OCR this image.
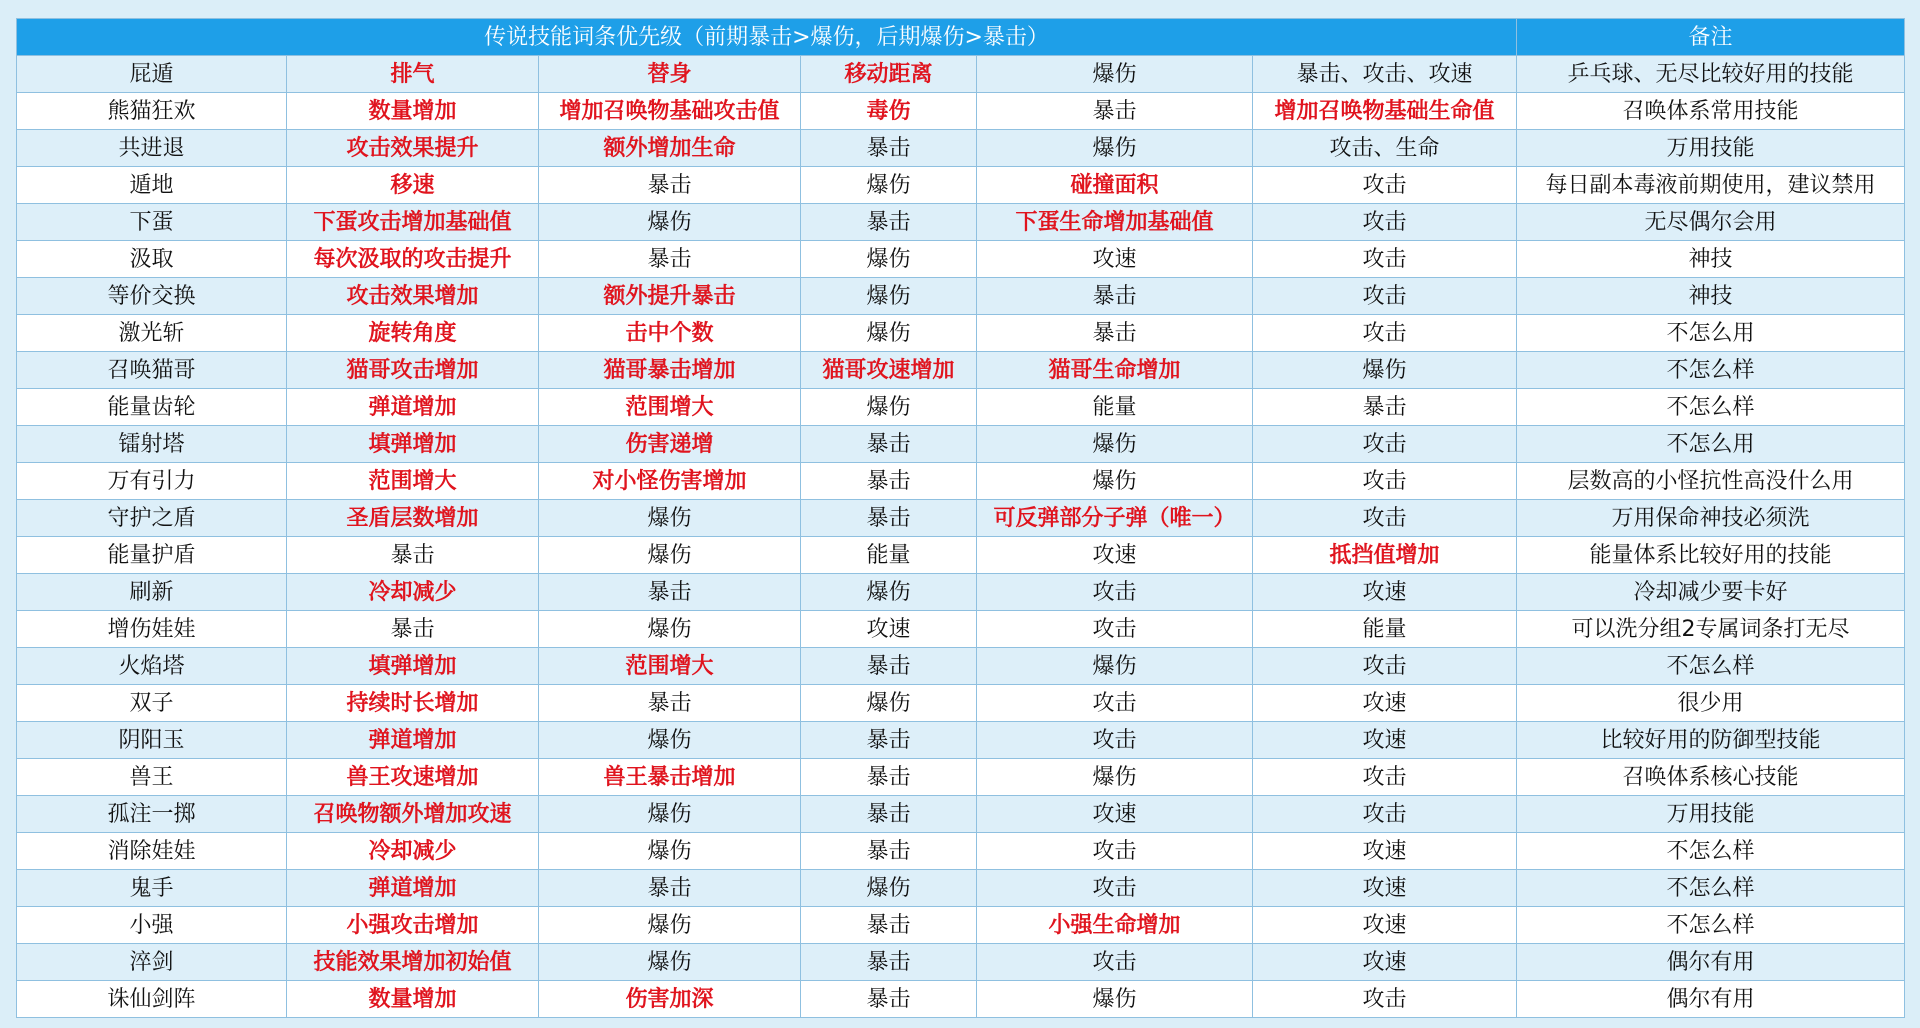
传说技能词条优先级（前期暴击>爆伤，后期爆伤>暴击）						备注
屁遁	排气	替身	移动距离	爆伤	暴击、攻击、攻速	乒乓球、无尽比较好用的技能
熊猫狂欢	数量增加	增加召唤物基础攻击值	毒伤	暴击	增加召唤物基础生命值	召唤体系常用技能
共进退	攻击效果提升	额外增加生命	暴击	爆伤	攻击、生命	万用技能
遁地	移速	暴击	爆伤	碰撞面积	攻击	每日副本毒液前期使用，建议禁用
下蛋	下蛋攻击增加基础值	爆伤	暴击	下蛋生命增加基础值	攻击	无尽偶尔会用
汲取	每次汲取的攻击提升	暴击	爆伤	攻速	攻击	神技
等价交换	攻击效果增加	额外提升暴击	爆伤	暴击	攻击	神技
激光斩	旋转角度	击中个数	爆伤	暴击	攻击	不怎么用
召唤猫哥	猫哥攻击增加	猫哥暴击增加	猫哥攻速增加	猫哥生命增加	爆伤	不怎么样
能量齿轮	弹道增加	范围增大	爆伤	能量	暴击	不怎么样
镭射塔	填弹增加	伤害递增	暴击	爆伤	攻击	不怎么用
万有引力	范围增大	对小怪伤害增加	暴击	爆伤	攻击	层数高的小怪抗性高没什么用
守护之盾	圣盾层数增加	爆伤	暴击	可反弹部分子弹（唯一）	攻击	万用保命神技必须洗
能量护盾	暴击	爆伤	能量	攻速	抵挡值增加	能量体系比较好用的技能
刷新	冷却减少	暴击	爆伤	攻击	攻速	冷却减少要卡好
增伤娃娃	暴击	爆伤	攻速	攻击	能量	可以洗分组2专属词条打无尽
火焰塔	填弹增加	范围增大	暴击	爆伤	攻击	不怎么样
双子	持续时长增加	暴击	爆伤	攻击	攻速	很少用
阴阳玉	弹道增加	爆伤	暴击	攻击	攻速	比较好用的防御型技能
兽王	兽王攻速增加	兽王暴击增加	暴击	爆伤	攻击	召唤体系核心技能
孤注一掷	召唤物额外增加攻速	爆伤	暴击	攻速	攻击	万用技能
消除娃娃	冷却减少	爆伤	暴击	攻击	攻速	不怎么样
鬼手	弹道增加	暴击	爆伤	攻击	攻速	不怎么样
小强	小强攻击增加	爆伤	暴击	小强生命增加	攻速	不怎么样
淬剑	技能效果增加初始值	爆伤	暴击	攻击	攻速	偶尔有用
诛仙剑阵	数量增加	伤害加深	暴击	爆伤	攻击	偶尔有用
